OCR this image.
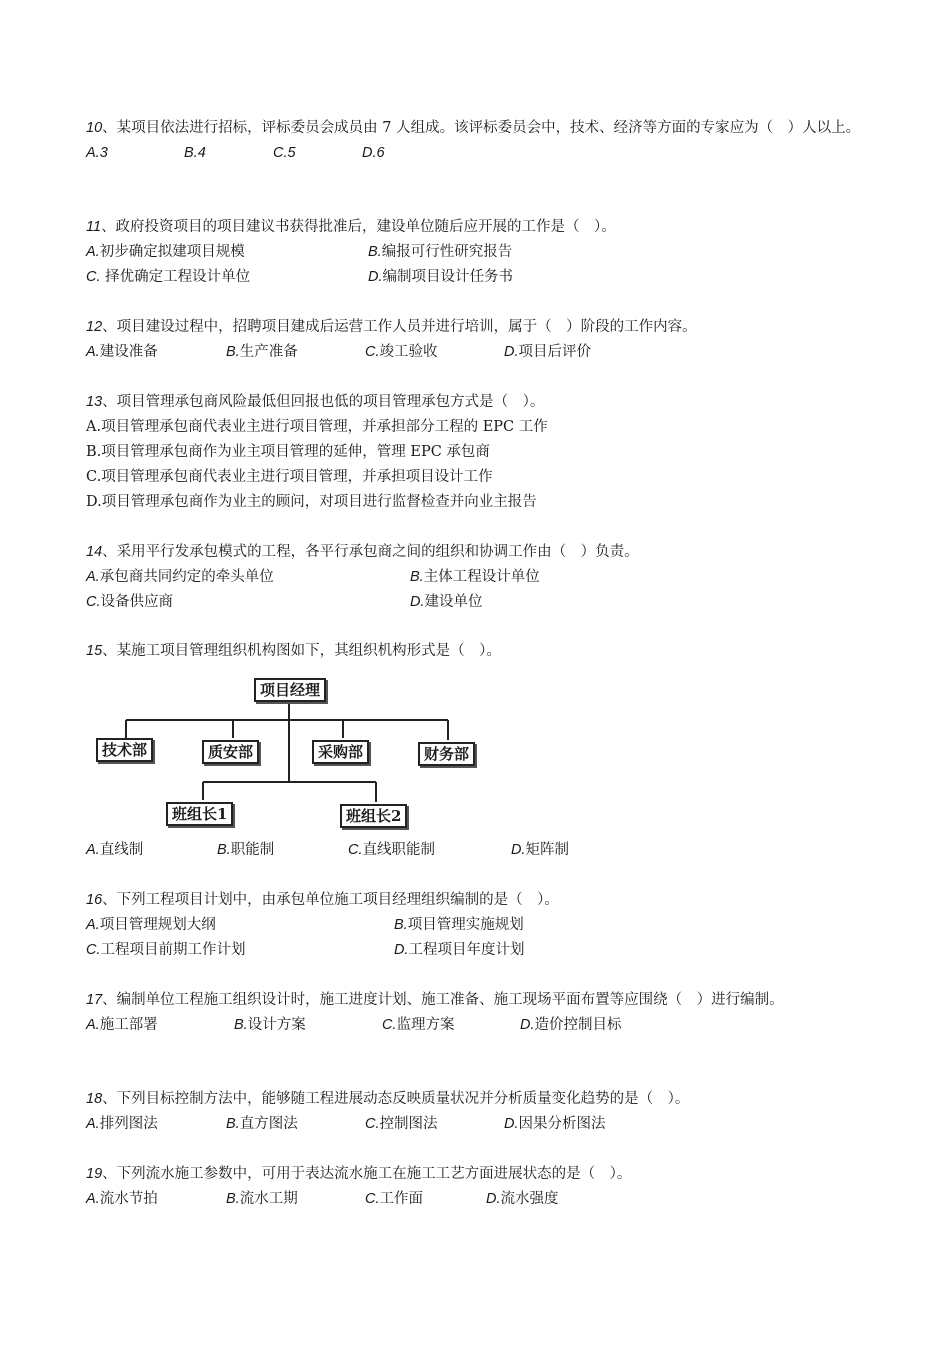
10、某项目依法进行招标，评标委员会成员由 7 人组成。该评标委员会中，技术、经济等方面的专家应为（　）人以上。
A.3	B.4	C.5	D.6
11、政府投资项目的项目建议书获得批准后，建设单位随后应开展的工作是（　）。
A.初步确定拟建项目规模	B.编报可行性研究报告
C. 择优确定工程设计单位	D.编制项目设计任务书
12、项目建设过程中，招聘项目建成后运营工作人员并进行培训，属于（　）阶段的工作内容。
A.建设准备	B.生产准备	C.竣工验收	D.项目后评价
13、项目管理承包商风险最低但回报也低的项目管理承包方式是（　）。
A.项目管理承包商代表业主进行项目管理，并承担部分工程的 EPC 工作
B.项目管理承包商作为业主项目管理的延伸，管理 EPC 承包商
C.项目管理承包商代表业主进行项目管理，并承担项目设计工作
D.项目管理承包商作为业主的顾问，对项目进行监督检查并向业主报告
14、采用平行发承包模式的工程，各平行承包商之间的组织和协调工作由（　）负责。
A.承包商共同约定的牵头单位	B.主体工程设计单位
C.设备供应商	D.建设单位
15、某施工项目管理组织机构图如下，其组织机构形式是（　）。
项目经理
技术部	质安部	采购部	财务部
班组长1	班组长2
A.直线制	B.职能制	C.直线职能制	D.矩阵制
16、下列工程项目计划中，由承包单位施工项目经理组织编制的是（　）。
A.项目管理规划大纲	B.项目管理实施规划
C.工程项目前期工作计划	D.工程项目年度计划
17、编制单位工程施工组织设计时，施工进度计划、施工准备、施工现场平面布置等应围绕（　）进行编制。
A.施工部署	B.设计方案	C.监理方案	D.造价控制目标
18、下列目标控制方法中，能够随工程进展动态反映质量状况并分析质量变化趋势的是（　）。
A.排列图法	B.直方图法	C.控制图法	D.因果分析图法
19、下列流水施工参数中，可用于表达流水施工在施工工艺方面进展状态的是（　）。
A.流水节拍	B.流水工期	C.工作面	D.流水强度
